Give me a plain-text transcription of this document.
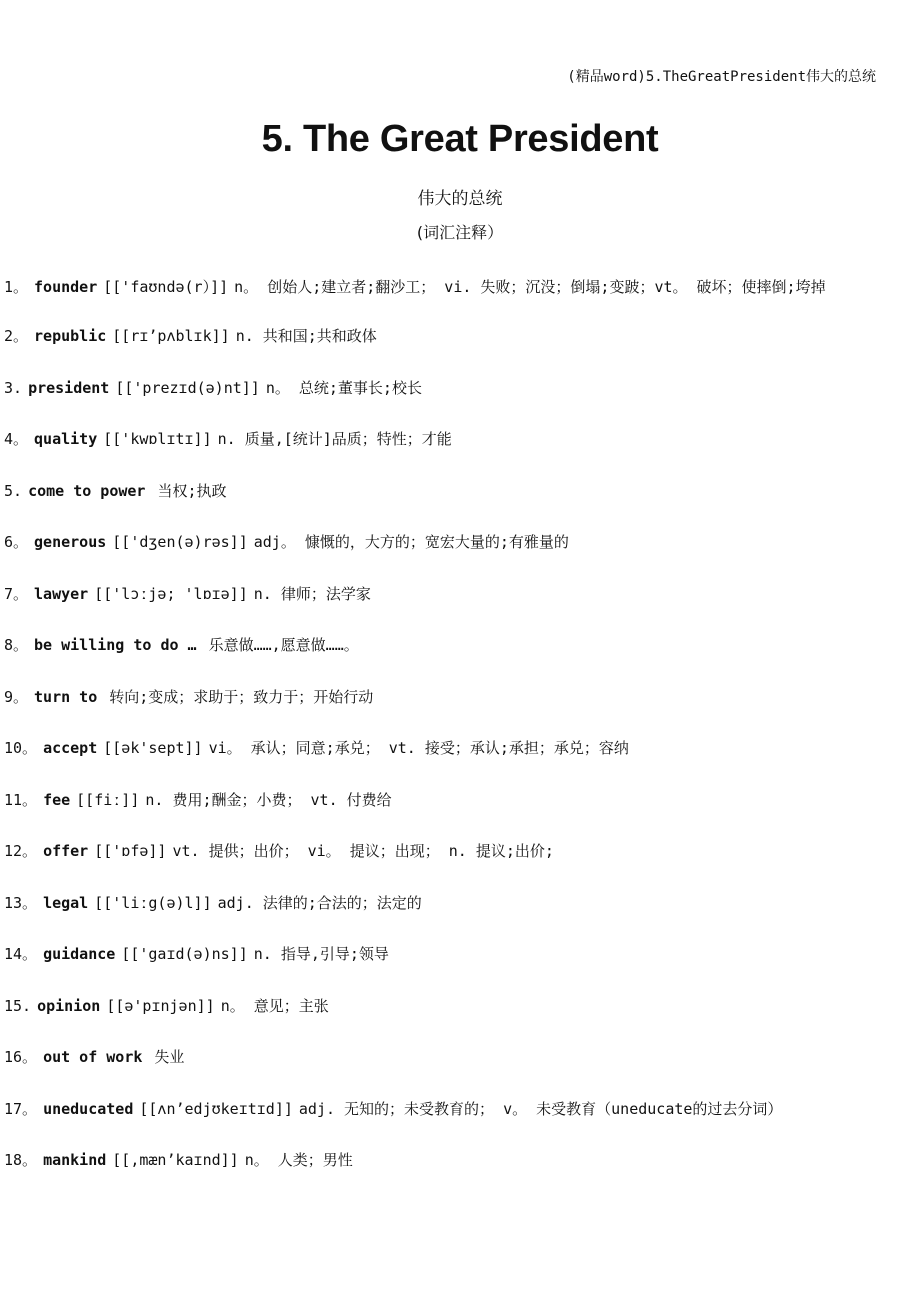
(精品word)5.TheGreatPresident伟大的总统
5. The Great President
伟大的总统
(词汇注释）
1。 founder [['faʊndə(r）]] n。 创始人;建立者;翻沙工； vi. 失败；沉没；倒塌;变跛；vt。 破坏；使摔倒;垮掉
2。 republic [[rɪ’pʌblɪk]] n. 共和国;共和政体
3. president [['prezɪd(ə)nt]] n。 总统;董事长;校长
4。 quality [['kwɒlɪtɪ]] n. 质量,[统计]品质；特性；才能
5. come to power 当权;执政
6。 generous [['dʒen(ə)rəs]] adj。 慷慨的，大方的；宽宏大量的;有雅量的
7。 lawyer [['lɔːjə; 'lɒɪə]] n. 律师；法学家
8。 be willing to do … 乐意做……,愿意做……。
9。 turn to 转向;变成；求助于；致力于；开始行动
10。 accept [[ək'sept]] vi。 承认；同意;承兑； vt. 接受；承认;承担；承兑；容纳
11。 fee [[fiː]] n. 费用;酬金；小费； vt. 付费给
12。 offer [['ɒfə]] vt. 提供；出价； vi。 提议；出现； n. 提议;出价;
13。 legal [['liːg(ə)l]] adj. 法律的;合法的；法定的
14。 guidance [['gaɪd(ə)ns]] n. 指导,引导;领导
15. opinion [[ə'pɪnjən]] n。 意见；主张
16。 out of work 失业
17。 uneducated [[ʌn’edjʊkeɪtɪd]] adj. 无知的；未受教育的； v。 未受教育（uneducate的过去分词）
18。 mankind [[,mæn’kaɪnd]] n。 人类；男性
